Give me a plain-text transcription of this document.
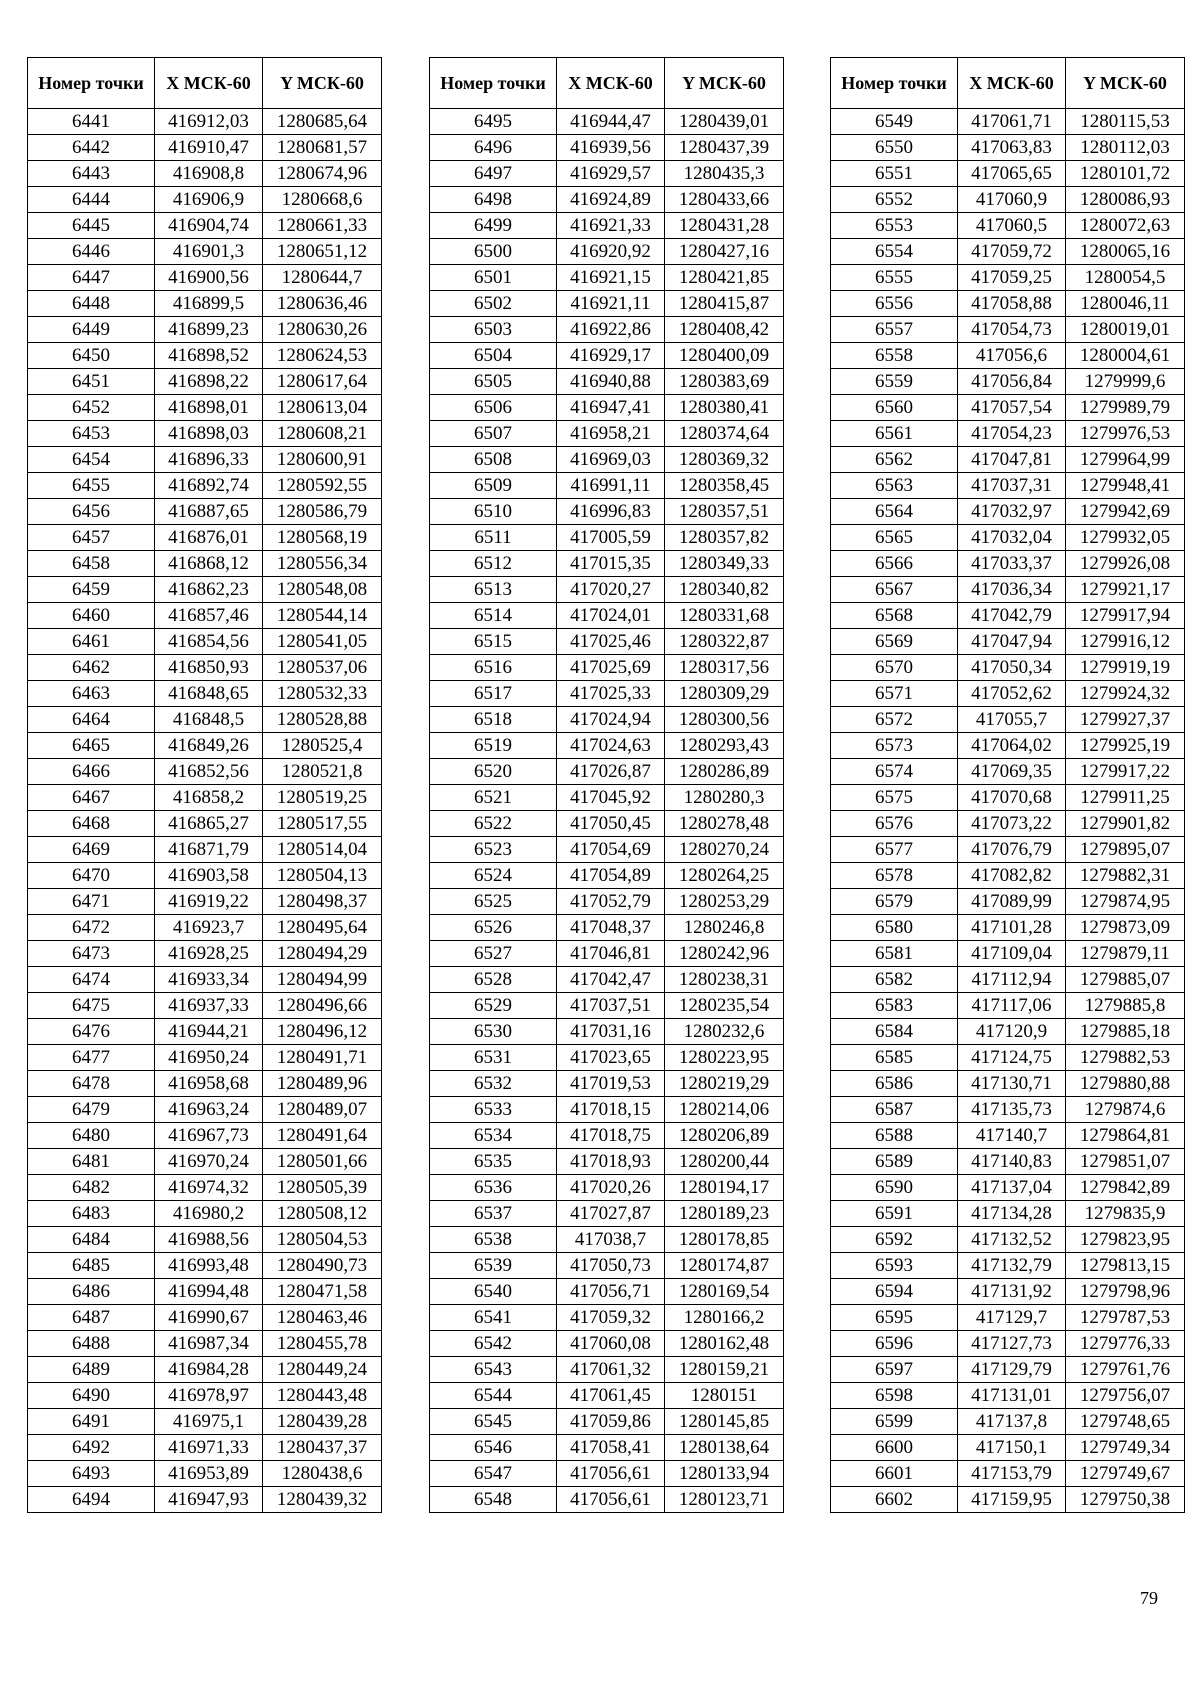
Номер точки	X МСК-60	Y МСК-60
6441	416912,03	1280685,64
6442	416910,47	1280681,57
6443	416908,8	1280674,96
6444	416906,9	1280668,6
6445	416904,74	1280661,33
6446	416901,3	1280651,12
6447	416900,56	1280644,7
6448	416899,5	1280636,46
6449	416899,23	1280630,26
6450	416898,52	1280624,53
6451	416898,22	1280617,64
6452	416898,01	1280613,04
6453	416898,03	1280608,21
6454	416896,33	1280600,91
6455	416892,74	1280592,55
6456	416887,65	1280586,79
6457	416876,01	1280568,19
6458	416868,12	1280556,34
6459	416862,23	1280548,08
6460	416857,46	1280544,14
6461	416854,56	1280541,05
6462	416850,93	1280537,06
6463	416848,65	1280532,33
6464	416848,5	1280528,88
6465	416849,26	1280525,4
6466	416852,56	1280521,8
6467	416858,2	1280519,25
6468	416865,27	1280517,55
6469	416871,79	1280514,04
6470	416903,58	1280504,13
6471	416919,22	1280498,37
6472	416923,7	1280495,64
6473	416928,25	1280494,29
6474	416933,34	1280494,99
6475	416937,33	1280496,66
6476	416944,21	1280496,12
6477	416950,24	1280491,71
6478	416958,68	1280489,96
6479	416963,24	1280489,07
6480	416967,73	1280491,64
6481	416970,24	1280501,66
6482	416974,32	1280505,39
6483	416980,2	1280508,12
6484	416988,56	1280504,53
6485	416993,48	1280490,73
6486	416994,48	1280471,58
6487	416990,67	1280463,46
6488	416987,34	1280455,78
6489	416984,28	1280449,24
6490	416978,97	1280443,48
6491	416975,1	1280439,28
6492	416971,33	1280437,37
6493	416953,89	1280438,6
6494	416947,93	1280439,32
Номер точки	X МСК-60	Y МСК-60
6495	416944,47	1280439,01
6496	416939,56	1280437,39
6497	416929,57	1280435,3
6498	416924,89	1280433,66
6499	416921,33	1280431,28
6500	416920,92	1280427,16
6501	416921,15	1280421,85
6502	416921,11	1280415,87
6503	416922,86	1280408,42
6504	416929,17	1280400,09
6505	416940,88	1280383,69
6506	416947,41	1280380,41
6507	416958,21	1280374,64
6508	416969,03	1280369,32
6509	416991,11	1280358,45
6510	416996,83	1280357,51
6511	417005,59	1280357,82
6512	417015,35	1280349,33
6513	417020,27	1280340,82
6514	417024,01	1280331,68
6515	417025,46	1280322,87
6516	417025,69	1280317,56
6517	417025,33	1280309,29
6518	417024,94	1280300,56
6519	417024,63	1280293,43
6520	417026,87	1280286,89
6521	417045,92	1280280,3
6522	417050,45	1280278,48
6523	417054,69	1280270,24
6524	417054,89	1280264,25
6525	417052,79	1280253,29
6526	417048,37	1280246,8
6527	417046,81	1280242,96
6528	417042,47	1280238,31
6529	417037,51	1280235,54
6530	417031,16	1280232,6
6531	417023,65	1280223,95
6532	417019,53	1280219,29
6533	417018,15	1280214,06
6534	417018,75	1280206,89
6535	417018,93	1280200,44
6536	417020,26	1280194,17
6537	417027,87	1280189,23
6538	417038,7	1280178,85
6539	417050,73	1280174,87
6540	417056,71	1280169,54
6541	417059,32	1280166,2
6542	417060,08	1280162,48
6543	417061,32	1280159,21
6544	417061,45	1280151
6545	417059,86	1280145,85
6546	417058,41	1280138,64
6547	417056,61	1280133,94
6548	417056,61	1280123,71
Номер точки	X МСК-60	Y МСК-60
6549	417061,71	1280115,53
6550	417063,83	1280112,03
6551	417065,65	1280101,72
6552	417060,9	1280086,93
6553	417060,5	1280072,63
6554	417059,72	1280065,16
6555	417059,25	1280054,5
6556	417058,88	1280046,11
6557	417054,73	1280019,01
6558	417056,6	1280004,61
6559	417056,84	1279999,6
6560	417057,54	1279989,79
6561	417054,23	1279976,53
6562	417047,81	1279964,99
6563	417037,31	1279948,41
6564	417032,97	1279942,69
6565	417032,04	1279932,05
6566	417033,37	1279926,08
6567	417036,34	1279921,17
6568	417042,79	1279917,94
6569	417047,94	1279916,12
6570	417050,34	1279919,19
6571	417052,62	1279924,32
6572	417055,7	1279927,37
6573	417064,02	1279925,19
6574	417069,35	1279917,22
6575	417070,68	1279911,25
6576	417073,22	1279901,82
6577	417076,79	1279895,07
6578	417082,82	1279882,31
6579	417089,99	1279874,95
6580	417101,28	1279873,09
6581	417109,04	1279879,11
6582	417112,94	1279885,07
6583	417117,06	1279885,8
6584	417120,9	1279885,18
6585	417124,75	1279882,53
6586	417130,71	1279880,88
6587	417135,73	1279874,6
6588	417140,7	1279864,81
6589	417140,83	1279851,07
6590	417137,04	1279842,89
6591	417134,28	1279835,9
6592	417132,52	1279823,95
6593	417132,79	1279813,15
6594	417131,92	1279798,96
6595	417129,7	1279787,53
6596	417127,73	1279776,33
6597	417129,79	1279761,76
6598	417131,01	1279756,07
6599	417137,8	1279748,65
6600	417150,1	1279749,34
6601	417153,79	1279749,67
6602	417159,95	1279750,38
79
